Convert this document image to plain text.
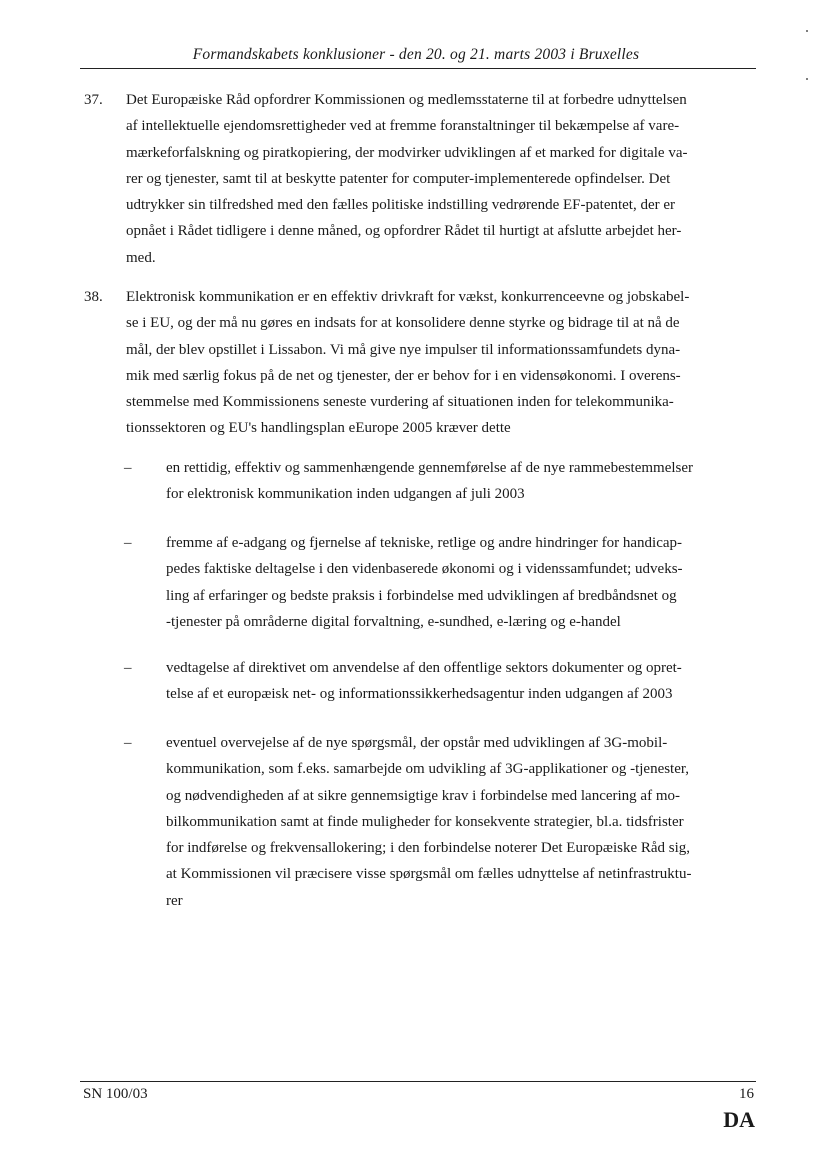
Formandskabets konklusioner - den 20. og 21. marts 2003 i Bruxelles
37. Det Europæiske Råd opfordrer Kommissionen og medlemsstaterne til at forbedre udnyttelsen
af intellektuelle ejendomsrettigheder ved at fremme foranstaltninger til bekæmpelse af vare-
mærkeforfalskning og piratkopiering, der modvirker udviklingen af et marked for digitale va-
rer og tjenester, samt til at beskytte patenter for computer-implementerede opfindelser. Det
udtrykker sin tilfredshed med den fælles politiske indstilling vedrørende EF-patentet, der er
opnået i Rådet tidligere i denne måned, og opfordrer Rådet til hurtigt at afslutte arbejdet her-
med.
38. Elektronisk kommunikation er en effektiv drivkraft for vækst, konkurrenceevne og jobskabel-
se i EU, og der må nu gøres en indsats for at konsolidere denne styrke og bidrage til at nå de
mål, der blev opstillet i Lissabon. Vi må give nye impulser til informationssamfundets dyna-
mik med særlig fokus på de net og tjenester, der er behov for i en vidensøkonomi. I overens-
stemmelse med Kommissionens seneste vurdering af situationen inden for telekommunika-
tionssektoren og EU's handlingsplan eEurope 2005 kræver dette
– en rettidig, effektiv og sammenhængende gennemførelse af de nye rammebestemmelser
for elektronisk kommunikation inden udgangen af juli 2003
– fremme af e-adgang og fjernelse af tekniske, retlige og andre hindringer for handicap-
pedes faktiske deltagelse i den videnbaserede økonomi og i videnssamfundet; udveks-
ling af erfaringer og bedste praksis i forbindelse med udviklingen af bredbåndsnet og
-tjenester på områderne digital forvaltning, e-sundhed, e-læring og e-handel
– vedtagelse af direktivet om anvendelse af den offentlige sektors dokumenter og opret-
telse af et europæisk net- og informationssikkerhedsagentur inden udgangen af 2003
– eventuel overvejelse af de nye spørgsmål, der opstår med udviklingen af 3G-mobil-
kommunikation, som f.eks. samarbejde om udvikling af 3G-applikationer og -tjenester,
og nødvendigheden af at sikre gennemsigtige krav i forbindelse med lancering af mo-
bilkommunikation samt at finde muligheder for konsekvente strategier, bl.a. tidsfrister
for indførelse og frekvensallokering; i den forbindelse noterer Det Europæiske Råd sig,
at Kommissionen vil præcisere visse spørgsmål om fælles udnyttelse af netinfrastruktu-
rer
SN 100/03	16
DA
